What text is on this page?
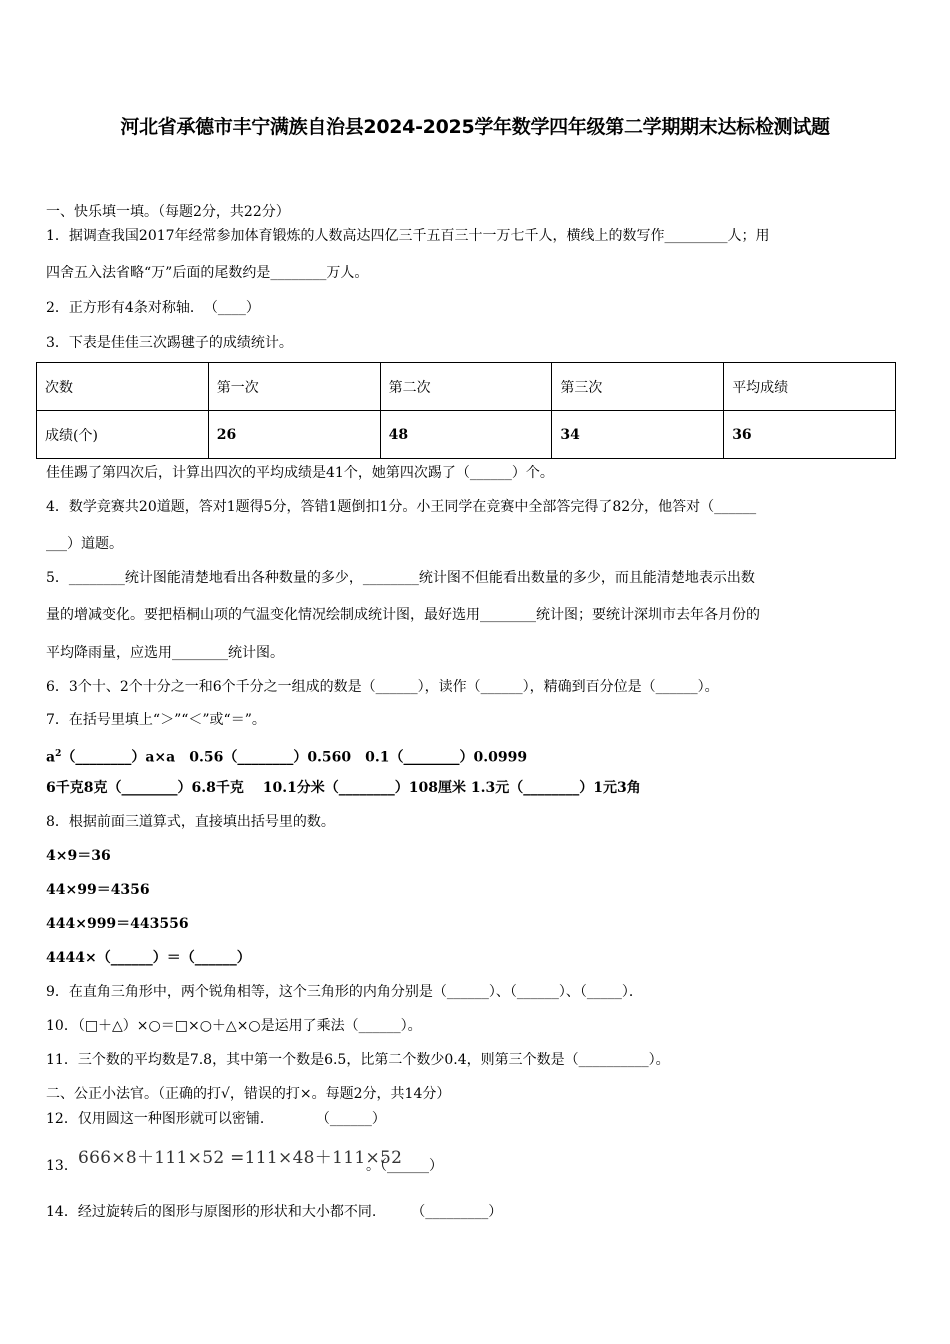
河北省承德市丰宁满族自治县2024-2025学年数学四年级第二学期期末达标检测试题
一、快乐填一填。（每题2分，共22分）
1．据调查我国2017年经常参加体育锻炼的人数高达四亿三千五百三十一万七千人，横线上的数写作_________人；用
四舍五入法省略“万”后面的尾数约是________万人。
2．正方形有4条对称轴．　（____）
3．下表是佳佳三次踢毽子的成绩统计。
次数	第一次	第二次	第三次	平均成绩
成绩(个)	26	48	34	36
佳佳踢了第四次后，计算出四次的平均成绩是41个，她第四次踢了（______）个。
4．数学竞赛共20道题，答对1题得5分，答错1题倒扣1分。小王同学在竞赛中全部答完得了82分，他答对（______
___）道题。
5．________统计图能清楚地看出各种数量的多少，________统计图不但能看出数量的多少，而且能清楚地表示出数
量的增减变化。要把梧桐山项的气温变化情况绘制成统计图，最好选用________统计图；要统计深圳市去年各月份的
平均降雨量，应选用________统计图。
6．3个十、2个十分之一和6个千分之一组成的数是（______），读作（______），精确到百分位是（______）。
7．在括号里填上“＞”“＜”或“＝”。
$a^2(\_\_\_\_\_\_\_\_)a\times a$　0.56（________）0.560　0.1（________）0.0999
6千克8克（________）6.8千克　 10.1分米（________）108厘米 1.3元（________）1元3角
8．根据前面三道算式，直接填出括号里的数。
4×9＝36
44×99＝4356
444×999＝443556
4444×（______）＝（______）
9．在直角三角形中，两个锐角相等，这个三角形的内角分别是（______）、（______）、（_____）．
10．（□＋△）×○＝□×○＋△×○是运用了乘法（______）。
11．三个数的平均数是7.8，其中第一个数是6.5，比第二个数少0.4，则第三个数是（__________）。
二、公正小法官。（正确的打√，错误的打×。每题2分，共14分）
12．仅用圆这一种图形就可以密铺．　　　　（______）
13． 666×8＋111×52 =111×48＋111×52
。（______）
14．经过旋转后的图形与原图形的形状和大小都不同.　　　（_________）
